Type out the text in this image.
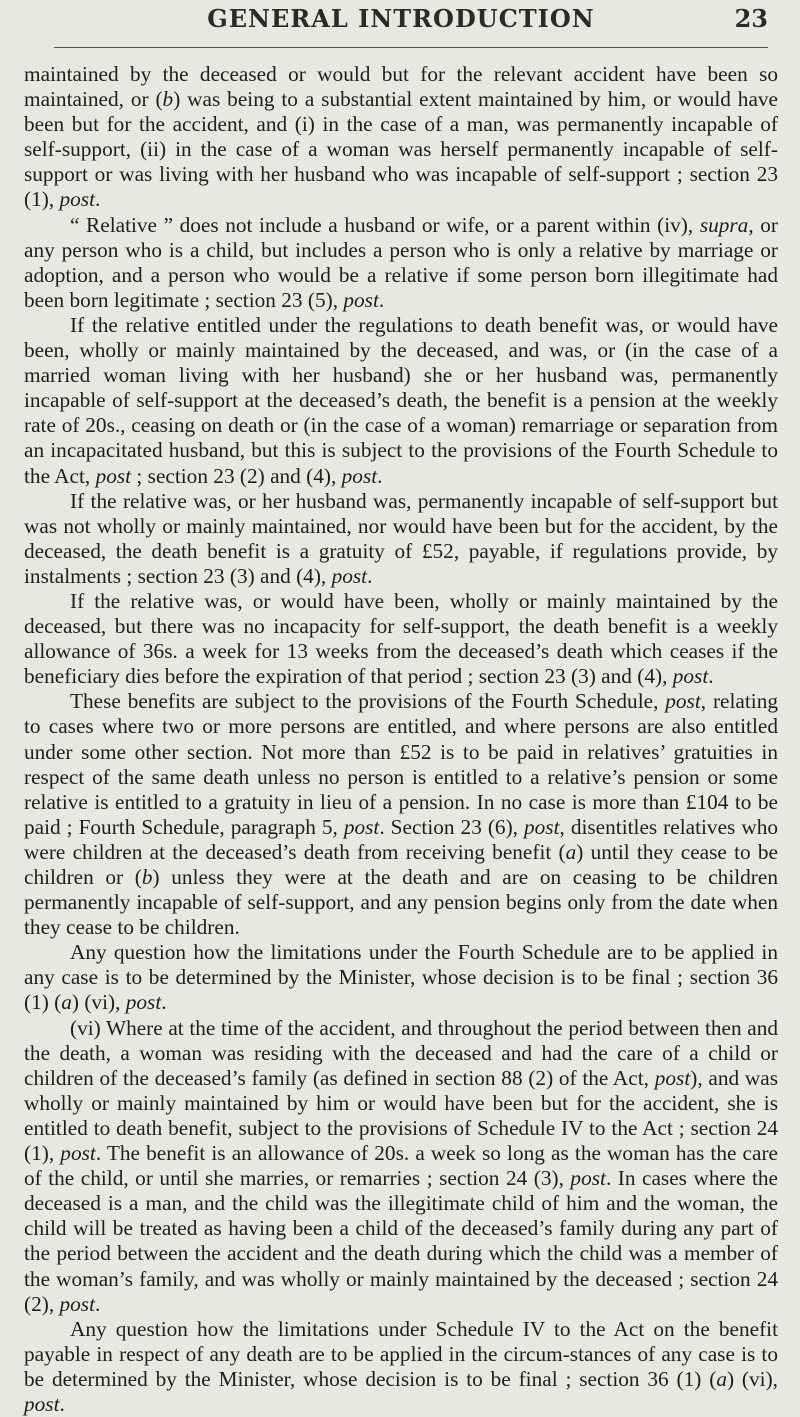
GENERAL INTRODUCTION	23

maintained by the deceased or would but for the relevant accident have been so maintained, or (b) was being to a substantial extent maintained by him, or would have been but for the accident, and (i) in the case of a man, was permanently incapable of self-support, (ii) in the case of a woman was herself permanently incapable of self-support or was living with her husband who was incapable of self-support ; section 23 (1), post.

“ Relative ” does not include a husband or wife, or a parent within (iv), supra, or any person who is a child, but includes a person who is only a relative by marriage or adoption, and a person who would be a relative if some person born illegitimate had been born legitimate ; section 23 (5), post.

If the relative entitled under the regulations to death benefit was, or would have been, wholly or mainly maintained by the deceased, and was, or (in the case of a married woman living with her husband) she or her husband was, permanently incapable of self-support at the deceased’s death, the benefit is a pension at the weekly rate of 20s., ceasing on death or (in the case of a woman) remarriage or separation from an incapacitated husband, but this is subject to the provisions of the Fourth Schedule to the Act, post ; section 23 (2) and (4), post.

If the relative was, or her husband was, permanently incapable of self-support but was not wholly or mainly maintained, nor would have been but for the accident, by the deceased, the death benefit is a gratuity of £52, payable, if regulations provide, by instalments ; section 23 (3) and (4), post.

If the relative was, or would have been, wholly or mainly maintained by the deceased, but there was no incapacity for self-support, the death benefit is a weekly allowance of 36s. a week for 13 weeks from the deceased’s death which ceases if the beneficiary dies before the expiration of that period ; section 23 (3) and (4), post.

These benefits are subject to the provisions of the Fourth Schedule, post, relating to cases where two or more persons are entitled, and where persons are also entitled under some other section. Not more than £52 is to be paid in relatives’ gratuities in respect of the same death unless no person is entitled to a relative’s pension or some relative is entitled to a gratuity in lieu of a pension. In no case is more than £104 to be paid ; Fourth Schedule, paragraph 5, post. Section 23 (6), post, disentitles relatives who were children at the deceased’s death from receiving benefit (a) until they cease to be children or (b) unless they were at the death and are on ceasing to be children permanently incapable of self-support, and any pension begins only from the date when they cease to be children.

Any question how the limitations under the Fourth Schedule are to be applied in any case is to be determined by the Minister, whose decision is to be final ; section 36 (1) (a) (vi), post.

(vi) Where at the time of the accident, and throughout the period between then and the death, a woman was residing with the deceased and had the care of a child or children of the deceased’s family (as defined in section 88 (2) of the Act, post), and was wholly or mainly maintained by him or would have been but for the accident, she is entitled to death benefit, subject to the provisions of Schedule IV to the Act ; section 24 (1), post. The benefit is an allowance of 20s. a week so long as the woman has the care of the child, or until she marries, or remarries ; section 24 (3), post. In cases where the deceased is a man, and the child was the illegitimate child of him and the woman, the child will be treated as having been a child of the deceased’s family during any part of the period between the accident and the death during which the child was a member of the woman’s family, and was wholly or mainly maintained by the deceased ; section 24 (2), post.

Any question how the limitations under Schedule IV to the Act on the benefit payable in respect of any death are to be applied in the circum-stances of any case is to be determined by the Minister, whose decision is to be final ; section 36 (1) (a) (vi), post.
